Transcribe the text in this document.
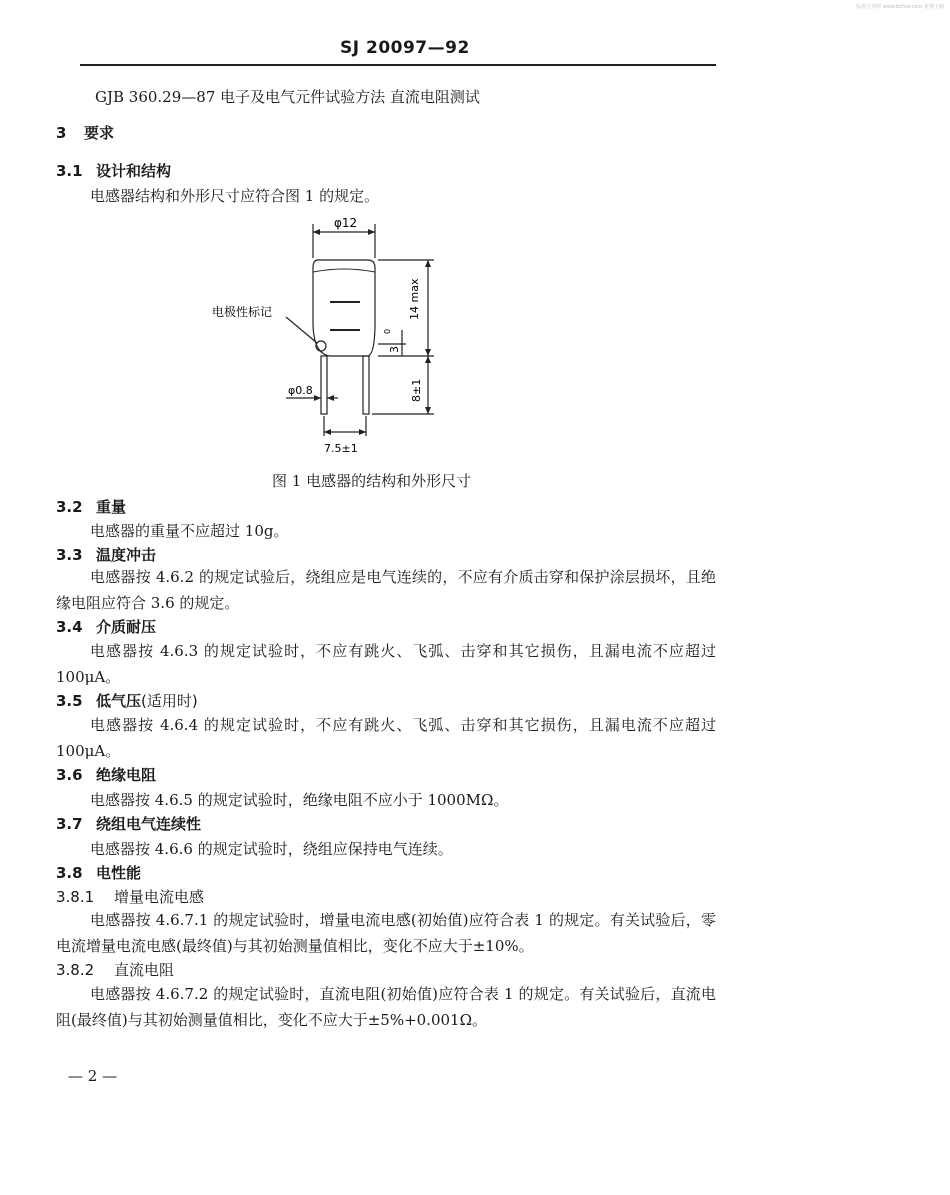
标准分享网 www.bzfxw.com 免费下载
SJ 20097—92
GJB 360.29—87 电子及电气元件试验方法 直流电阻测试
3 要求
3.1 设计和结构
电感器结构和外形尺寸应符合图 1 的规定。
φ12
14 max
3
0
8±1
φ0.8
7.5±1
电极性标记
图 1 电感器的结构和外形尺寸
3.2 重量
电感器的重量不应超过 10g。
3.3 温度冲击
电感器按 4.6.2 的规定试验后，绕组应是电气连续的，不应有介质击穿和保护涂层损坏，且绝缘电阻应符合 3.6 的规定。
3.4 介质耐压
电感器按 4.6.3 的规定试验时，不应有跳火、飞弧、击穿和其它损伤，且漏电流不应超过 100μA。
3.5 低气压(适用时)
电感器按 4.6.4 的规定试验时，不应有跳火、飞弧、击穿和其它损伤，且漏电流不应超过 100μA。
3.6 绝缘电阻
电感器按 4.6.5 的规定试验时，绝缘电阻不应小于 1000MΩ。
3.7 绕组电气连续性
电感器按 4.6.6 的规定试验时，绕组应保持电气连续。
3.8 电性能
3.8.1 增量电流电感
电感器按 4.6.7.1 的规定试验时，增量电流电感(初始值)应符合表 1 的规定。有关试验后，零电流增量电流电感(最终值)与其初始测量值相比，变化不应大于±10%。
3.8.2 直流电阻
电感器按 4.6.7.2 的规定试验时，直流电阻(初始值)应符合表 1 的规定。有关试验后，直流电阻(最终值)与其初始测量值相比，变化不应大于±5%+0.001Ω。
— 2 —
